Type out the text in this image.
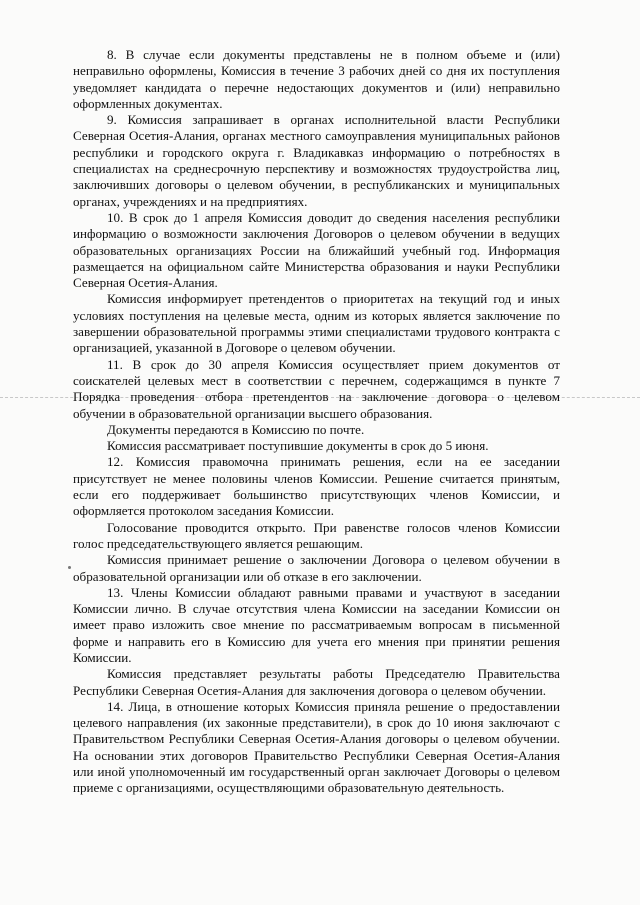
8. В случае если документы представлены не в полном объеме и (или) неправильно оформлены, Комиссия в течение 3 рабочих дней со дня их поступления уведомляет кандидата о перечне недостающих документов и (или) неправильно оформленных документах.

9. Комиссия запрашивает в органах исполнительной власти Республики Северная Осетия-Алания, органах местного самоуправления муниципальных районов республики и городского округа г. Владикавказ информацию о потребностях в специалистах на среднесрочную перспективу и возможностях трудоустройства лиц, заключивших договоры о целевом обучении, в республиканских и муниципальных органах, учреждениях и на предприятиях.

10. В срок до 1 апреля Комиссия доводит до сведения населения республики информацию о возможности заключения Договоров о целевом обучении в ведущих образовательных организациях России на ближайший учебный год. Информация размещается на официальном сайте Министерства образования и науки Республики Северная Осетия-Алания.

Комиссия информирует претендентов о приоритетах на текущий год и иных условиях поступления на целевые места, одним из которых является заключение по завершении образовательной программы этими специалистами трудового контракта с организацией, указанной в Договоре о целевом обучении.

11. В срок до 30 апреля Комиссия осуществляет прием документов от соискателей целевых мест в соответствии с перечнем, содержащимся в пункте 7 Порядка проведения отбора претендентов на заключение договора о целевом обучении в образовательной организации высшего образования.

Документы передаются в Комиссию по почте.

Комиссия рассматривает поступившие документы в срок до 5 июня.

12. Комиссия правомочна принимать решения, если на ее заседании присутствует не менее половины членов Комиссии. Решение считается принятым, если его поддерживает большинство присутствующих членов Комиссии, и оформляется протоколом заседания Комиссии.

Голосование проводится открыто. При равенстве голосов членов Комиссии голос председательствующего является решающим.

Комиссия принимает решение о заключении Договора о целевом обучении в образовательной организации или об отказе в его заключении.

13. Члены Комиссии обладают равными правами и участвуют в заседании Комиссии лично. В случае отсутствия члена Комиссии на заседании Комиссии он имеет право изложить свое мнение по рассматриваемым вопросам в письменной форме и направить его в Комиссию для учета его мнения при принятии решения Комиссии.

Комиссия представляет результаты работы Председателю Правительства Республики Северная Осетия-Алания для заключения договора о целевом обучении.

14. Лица, в отношение которых Комиссия приняла решение о предоставлении целевого направления (их законные представители), в срок до 10 июня заключают с Правительством Республики Северная Осетия-Алания договоры о целевом обучении. На основании этих договоров Правительство Республики Северная Осетия-Алания или иной уполномоченный им государственный орган заключает Договоры о целевом приеме с организациями, осуществляющими образовательную деятельность.
